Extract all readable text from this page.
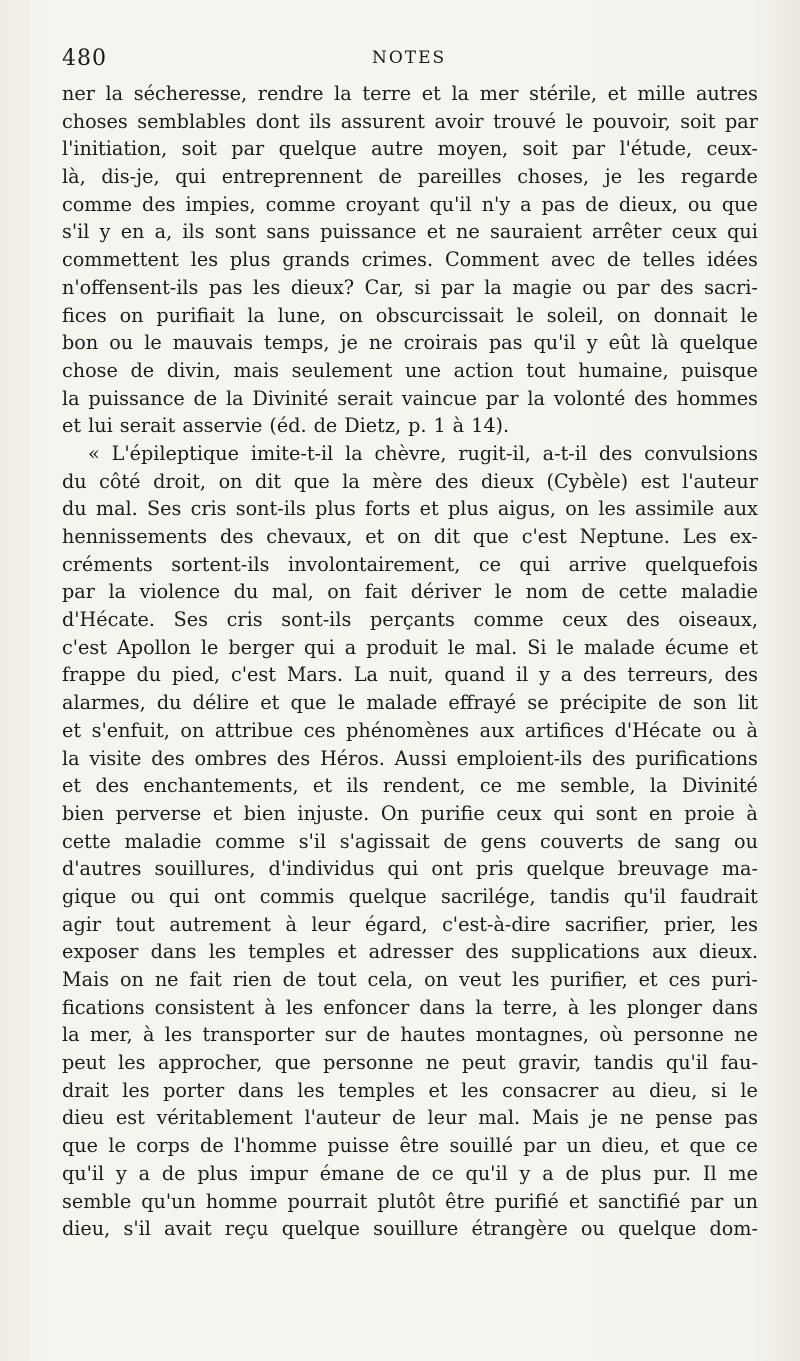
480	NOTES
ner la sécheresse, rendre la terre et la mer stérile, et mille autres
choses semblables dont ils assurent avoir trouvé le pouvoir, soit par
l'initiation, soit par quelque autre moyen, soit par l'étude, ceux-
là, dis-je, qui entreprennent de pareilles choses, je les regarde
comme des impies, comme croyant qu'il n'y a pas de dieux, ou que
s'il y en a, ils sont sans puissance et ne sauraient arrêter ceux qui
commettent les plus grands crimes. Comment avec de telles idées
n'offensent-ils pas les dieux? Car, si par la magie ou par des sacri-
fices on purifiait la lune, on obscurcissait le soleil, on donnait le
bon ou le mauvais temps, je ne croirais pas qu'il y eût là quelque
chose de divin, mais seulement une action tout humaine, puisque
la puissance de la Divinité serait vaincue par la volonté des hommes
et lui serait asservie (éd. de Dietz, p. 1 à 14).
« L'épileptique imite-t-il la chèvre, rugit-il, a-t-il des convulsions
du côté droit, on dit que la mère des dieux (Cybèle) est l'auteur
du mal. Ses cris sont-ils plus forts et plus aigus, on les assimile aux
hennissements des chevaux, et on dit que c'est Neptune. Les ex-
créments sortent-ils involontairement, ce qui arrive quelquefois
par la violence du mal, on fait dériver le nom de cette maladie
d'Hécate. Ses cris sont-ils perçants comme ceux des oiseaux,
c'est Apollon le berger qui a produit le mal. Si le malade écume et
frappe du pied, c'est Mars. La nuit, quand il y a des terreurs, des
alarmes, du délire et que le malade effrayé se précipite de son lit
et s'enfuit, on attribue ces phénomènes aux artifices d'Hécate ou à
la visite des ombres des Héros. Aussi emploient-ils des purifications
et des enchantements, et ils rendent, ce me semble, la Divinité
bien perverse et bien injuste. On purifie ceux qui sont en proie à
cette maladie comme s'il s'agissait de gens couverts de sang ou
d'autres souillures, d'individus qui ont pris quelque breuvage ma-
gique ou qui ont commis quelque sacrilége, tandis qu'il faudrait
agir tout autrement à leur égard, c'est-à-dire sacrifier, prier, les
exposer dans les temples et adresser des supplications aux dieux.
Mais on ne fait rien de tout cela, on veut les purifier, et ces puri-
fications consistent à les enfoncer dans la terre, à les plonger dans
la mer, à les transporter sur de hautes montagnes, où personne ne
peut les approcher, que personne ne peut gravir, tandis qu'il fau-
drait les porter dans les temples et les consacrer au dieu, si le
dieu est véritablement l'auteur de leur mal. Mais je ne pense pas
que le corps de l'homme puisse être souillé par un dieu, et que ce
qu'il y a de plus impur émane de ce qu'il y a de plus pur. Il me
semble qu'un homme pourrait plutôt être purifié et sanctifié par un
dieu, s'il avait reçu quelque souillure étrangère ou quelque dom-
